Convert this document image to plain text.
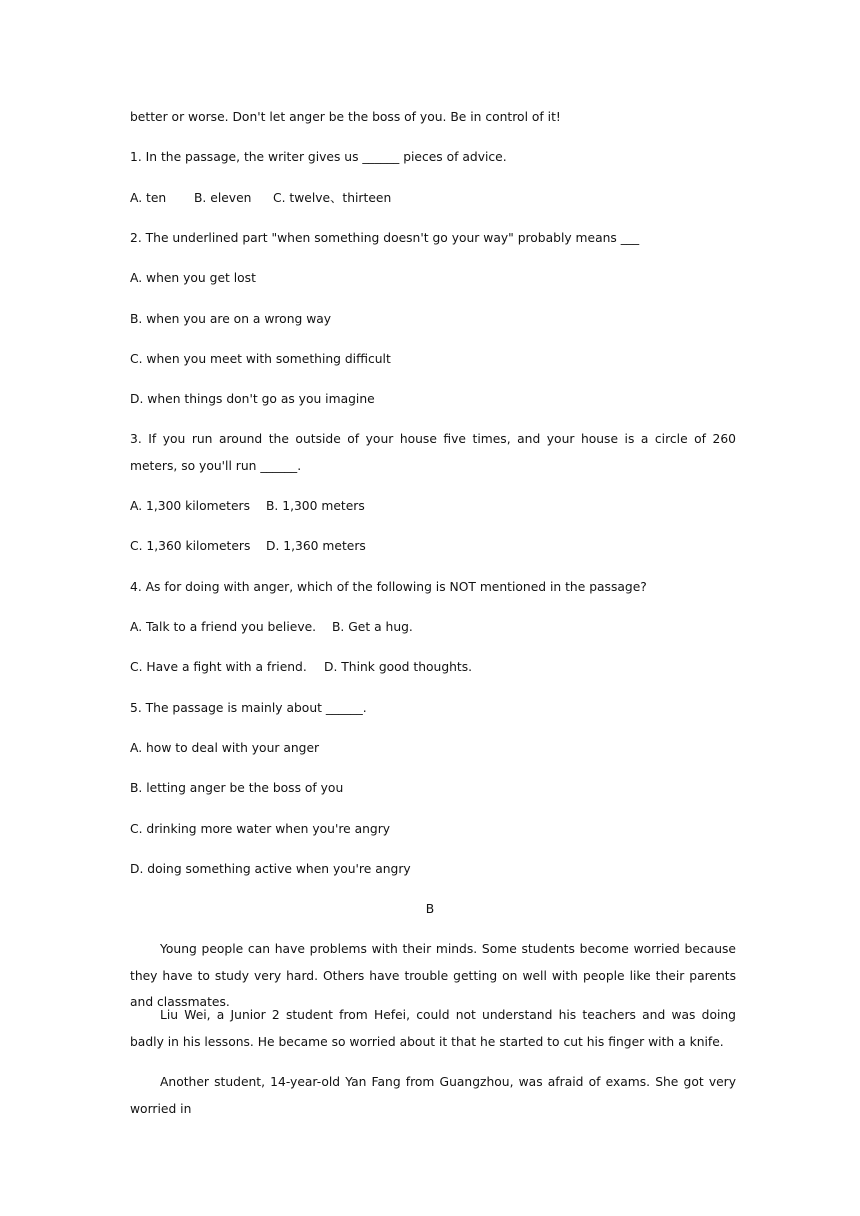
better or worse. Don't let anger be the boss of you. Be in control of it!
1. In the passage, the writer gives us ______ pieces of advice.
A. ten B. eleven C. twelve、thirteen
2. The underlined part "when something doesn't go your way" probably means ___
A. when you get lost
B. when you are on a wrong way
C. when you meet with something difficult
D. when things don't go as you imagine
3. If you run around the outside of your house five times, and your house is a circle of 260 meters, so you'll run ______.
A. 1,300 kilometers B. 1,300 meters
C. 1,360 kilometers D. 1,360 meters
4. As for doing with anger, which of the following is NOT mentioned in the passage?
A. Talk to a friend you believe. B. Get a hug.
C. Have a fight with a friend. D. Think good thoughts.
5. The passage is mainly about ______.
A. how to deal with your anger
B. letting anger be the boss of you
C. drinking more water when you're angry
D. doing something active when you're angry
B
Young people can have problems with their minds. Some students become worried because they have to study very hard. Others have trouble getting on well with people like their parents and classmates.
Liu Wei, a Junior 2 student from Hefei, could not understand his teachers and was doing badly in his lessons. He became so worried about it that he started to cut his finger with a knife.
Another student, 14-year-old Yan Fang from Guangzhou, was afraid of exams. She got very worried in
